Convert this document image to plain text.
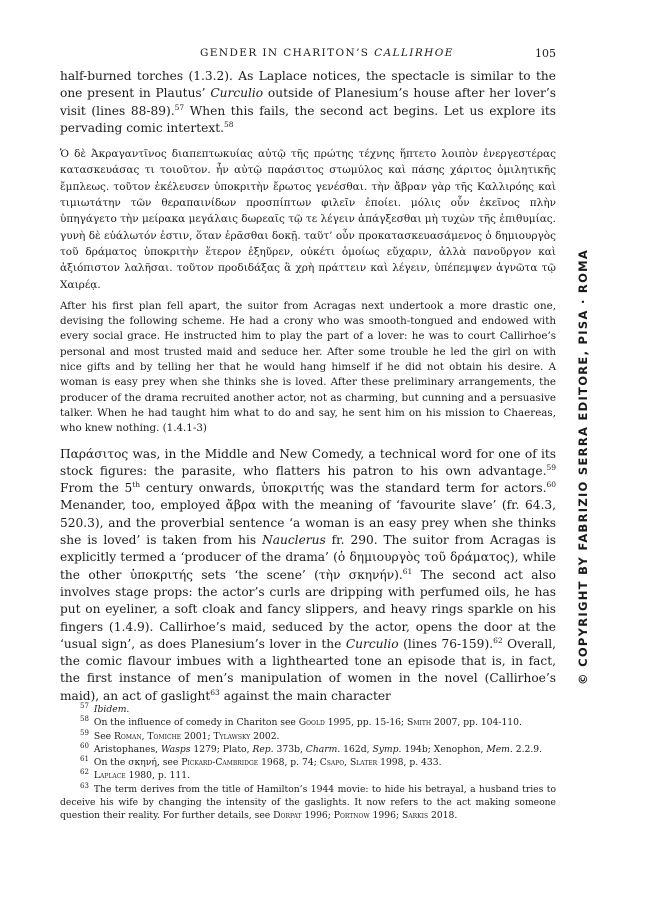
GENDER IN CHARITON’S CALLIRHOE	105

half-burned torches (1.3.2). As Laplace notices, the spectacle is similar to the one present in Plautus’ Curculio outside of Planesium’s house after her lover’s visit (lines 88-89).$^{57}$ When this fails, the second act begins. Let us explore its pervading comic intertext.$^{58}$

Ὁ δὲ Ἀκραγαντῖνος διαπεπτωκυίας αὐτῷ τῆς πρώτης τέχνης ἥπτετο λοιπὸν ἐνεργεστέρας κατασκευάσας τι τοιοῦτον. ἦν αὐτῷ παράσιτος στωμύλος καὶ πάσης χάριτος ὁμιλητικῆς ἔμπλεως. τοῦτον ἐκέλευσεν ὑποκριτὴν ἔρωτος γενέσθαι. τὴν ἄβραν γὰρ τῆς Καλλιρόης καὶ τιμιωτάτην τῶν θεραπαινίδων προσπίπτων φιλεῖν ἐποίει. μόλις οὖν ἐκεῖνος πλὴν ὑπηγάγετο τὴν μείρακα μεγάλαις δωρεαῖς τῷ τε λέγειν ἀπάγξεσθαι μὴ τυχὼν τῆς ἐπιθυμίας. γυνὴ δὲ εὐάλωτόν ἐστιν, ὅταν ἐρᾶσθαι δοκῇ. ταῦτ’ οὖν προκατασκευασάμενος ὁ δημιουργὸς τοῦ δράματος ὑποκριτὴν ἕτερον ἐξηῦρεν, οὐκέτι ὁμοίως εὔχαριν, ἀλλὰ πανοῦργον καὶ ἀξιόπιστον λαλῆσαι. τοῦτον προδιδάξας ἃ χρὴ πράττειν καὶ λέγειν, ὑπέπεμψεν ἀγνῶτα τῷ Χαιρέᾳ.

After his first plan fell apart, the suitor from Acragas next undertook a more drastic one, devising the following scheme. He had a crony who was smooth-tongued and endowed with every social grace. He instructed him to play the part of a lover: he was to court Callirhoe’s personal and most trusted maid and seduce her. After some trouble he led the girl on with nice gifts and by telling her that he would hang himself if he did not obtain his desire. A woman is easy prey when she thinks she is loved. After these preliminary arrangements, the producer of the drama recruited another actor, not as charming, but cunning and a persuasive talker. When he had taught him what to do and say, he sent him on his mission to Chaereas, who knew nothing. (1.4.1-3)

Παράσιτος was, in the Middle and New Comedy, a technical word for one of its stock figures: the parasite, who flatters his patron to his own advantage.$^{59}$ From the 5th century onwards, ὑποκριτής was the standard term for actors.$^{60}$ Menander, too, employed ἄβρα with the meaning of ‘favourite slave’ (fr. 64.3, 520.3), and the proverbial sentence ‘a woman is an easy prey when she thinks she is loved’ is taken from his Nauclerus fr. 290. The suitor from Acragas is explicitly termed a ‘producer of the drama’ (ὁ δημιουργὸς τοῦ δράματος), while the other ὑποκριτής sets ‘the scene’ (τὴν σκηνήν).$^{61}$ The second act also involves stage props: the actor’s curls are dripping with perfumed oils, he has put on eyeliner, a soft cloak and fancy slippers, and heavy rings sparkle on his fingers (1.4.9). Callirhoe’s maid, seduced by the actor, opens the door at the ‘usual sign’, as does Planesium’s lover in the Curculio (lines 76-159).$^{62}$ Overall, the comic flavour imbues with a lighthearted tone an episode that is, in fact, the first instance of men’s manipulation of women in the novel (Callirhoe’s maid), an act of gaslight$^{63}$ against the main character

$^{57}$ Ibidem.
$^{58}$ On the influence of comedy in Chariton see Goold 1995, pp. 15-16; Smith 2007, pp. 104-110.
$^{59}$ See Roman, Tomiche 2001; Tylawsky 2002.
$^{60}$ Aristophanes, Wasps 1279; Plato, Rep. 373b, Charm. 162d, Symp. 194b; Xenophon, Mem. 2.2.9.
$^{61}$ On the σκηνή, see Pickard-Cambridge 1968, p. 74; Csapo, Slater 1998, p. 433.
$^{62}$ Laplace 1980, p. 111.
$^{63}$ The term derives from the title of Hamilton’s 1944 movie: to hide his betrayal, a husband tries to deceive his wife by changing the intensity of the gaslights. It now refers to the act making someone question their reality. For further details, see Dorpat 1996; Portnow 1996; Sarkis 2018.
© COPYRIGHT BY FABRIZIO SERRA EDITORE, PISA · ROMA
